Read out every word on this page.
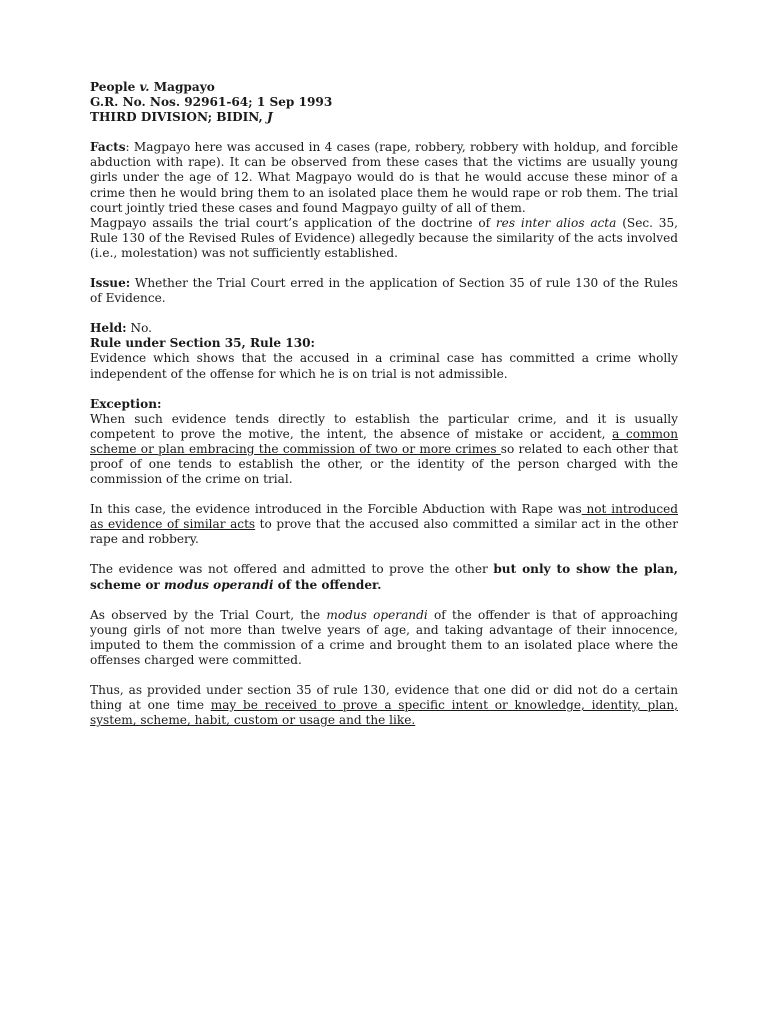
People v. Magpayo

G.R. No. Nos. 92961-64; 1 Sep 1993

THIRD DIVISION; BIDIN, J

Facts: Magpayo here was accused in 4 cases (rape, robbery, robbery with holdup, and forcible abduction with rape). It can be observed from these cases that the victims are usually young girls under the age of 12. What Magpayo would do is that he would accuse these minor of a crime then he would bring them to an isolated place them he would rape or rob them. The trial court jointly tried these cases and found Magpayo guilty of all of them.

Magpayo assails the trial court’s application of the doctrine of res inter alios acta (Sec. 35, Rule 130 of the Revised Rules of Evidence) allegedly because the similarity of the acts involved (i.e., molestation) was not sufficiently established.

Issue: Whether the Trial Court erred in the application of Section 35 of rule 130 of the Rules of Evidence.

Held: No.

Rule under Section 35, Rule 130:

Evidence which shows that the accused in a criminal case has committed a crime wholly independent of the offense for which he is on trial is not admissible.

Exception:

When such evidence tends directly to establish the particular crime, and it is usually competent to prove the motive, the intent, the absence of mistake or accident, a common scheme or plan embracing the commission of two or more crimes so related to each other that proof of one tends to establish the other, or the identity of the person charged with the commission of the crime on trial.

In this case, the evidence introduced in the Forcible Abduction with Rape was not introduced as evidence of similar acts to prove that the accused also committed a similar act in the other rape and robbery.

The evidence was not offered and admitted to prove the other but only to show the plan, scheme or modus operandi of the offender.

As observed by the Trial Court, the modus operandi of the offender is that of approaching young girls of not more than twelve years of age, and taking advantage of their innocence, imputed to them the commission of a crime and brought them to an isolated place where the offenses charged were committed.

Thus, as provided under section 35 of rule 130, evidence that one did or did not do a certain thing at one time may be received to prove a specific intent or knowledge, identity, plan, system, scheme, habit, custom or usage and the like.
